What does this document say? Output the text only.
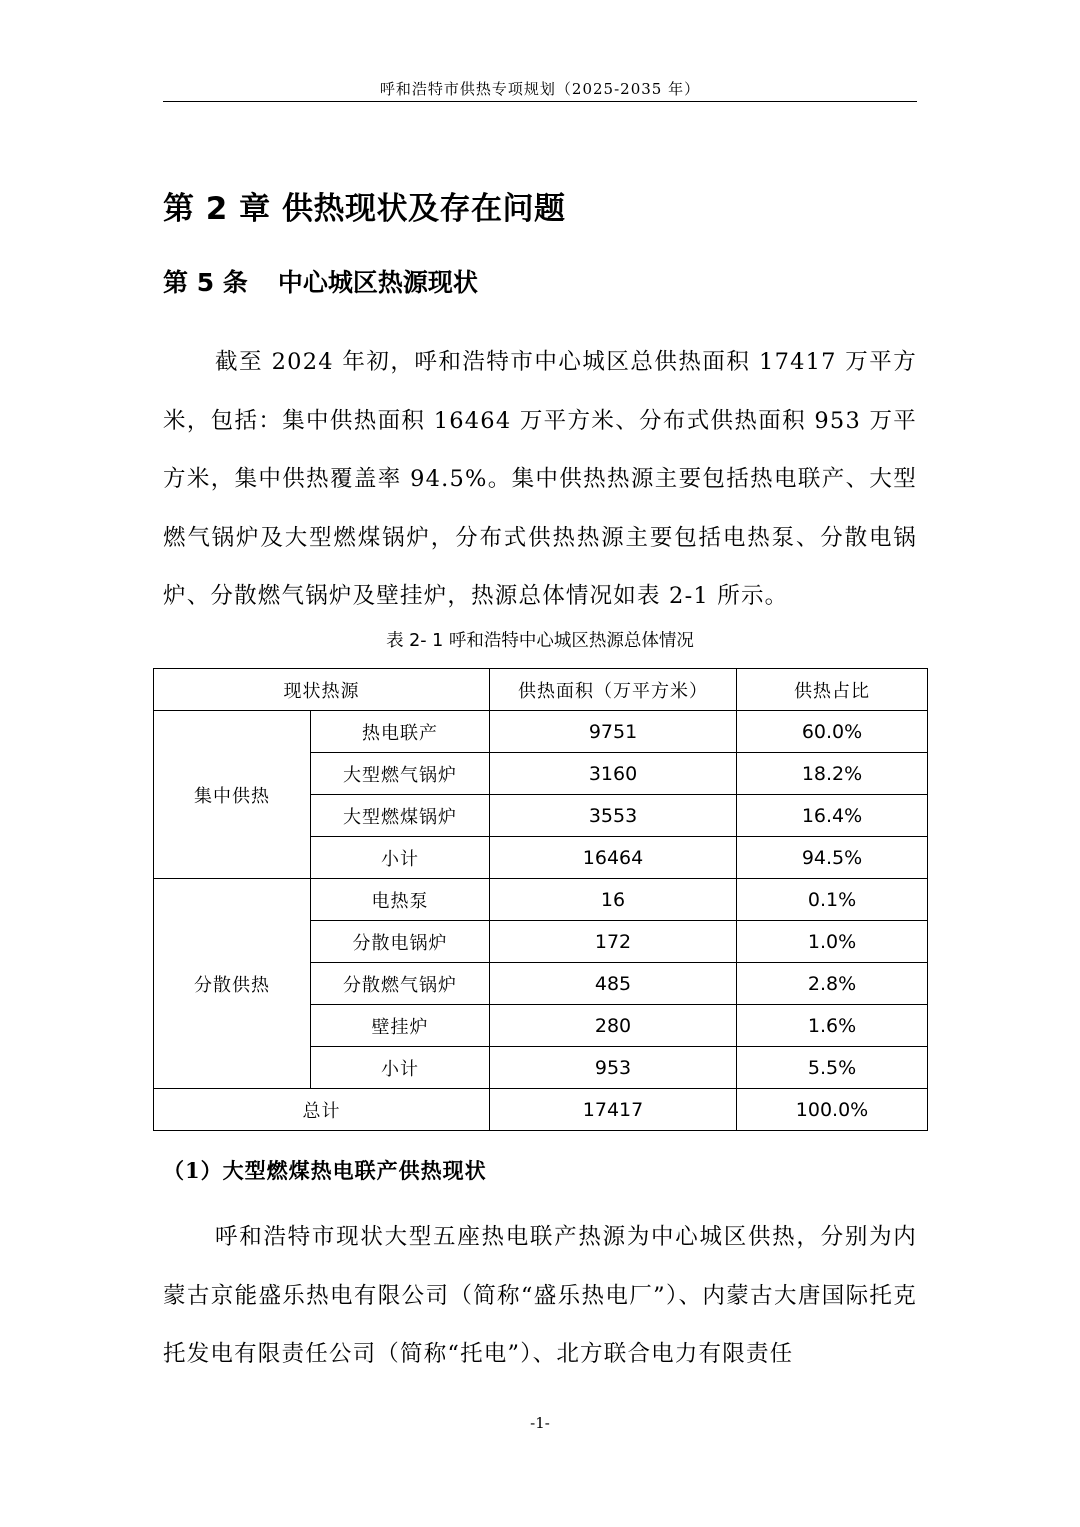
呼和浩特市供热专项规划（2025-2035 年）
第 2 章 供热现状及存在问题
第 5 条 中心城区热源现状

截至 2024 年初，呼和浩特市中心城区总供热面积 17417 万平方米，包括：集中供热面积 16464 万平方米、分布式供热面积 953 万平方米，集中供热覆盖率 94.5%。集中供热热源主要包括热电联产、大型燃气锅炉及大型燃煤锅炉，分布式供热热源主要包括电热泵、分散电锅炉、分散燃气锅炉及壁挂炉，热源总体情况如表 2-1 所示。

表 2- 1 呼和浩特中心城区热源总体情况
现状热源		供热面积（万平方米）	供热占比
集中供热	热电联产	9751	60.0%
	大型燃气锅炉	3160	18.2%
	大型燃煤锅炉	3553	16.4%
	小计	16464	94.5%
分散供热	电热泵	16	0.1%
	分散电锅炉	172	1.0%
	分散燃气锅炉	485	2.8%
	壁挂炉	280	1.6%
	小计	953	5.5%
总计		17417	100.0%
（1）大型燃煤热电联产供热现状

呼和浩特市现状大型五座热电联产热源为中心城区供热，分别为内蒙古京能盛乐热电有限公司（简称“盛乐热电厂”）、内蒙古大唐国际托克托发电有限责任公司（简称“托电”）、北方联合电力有限责任

-1-
